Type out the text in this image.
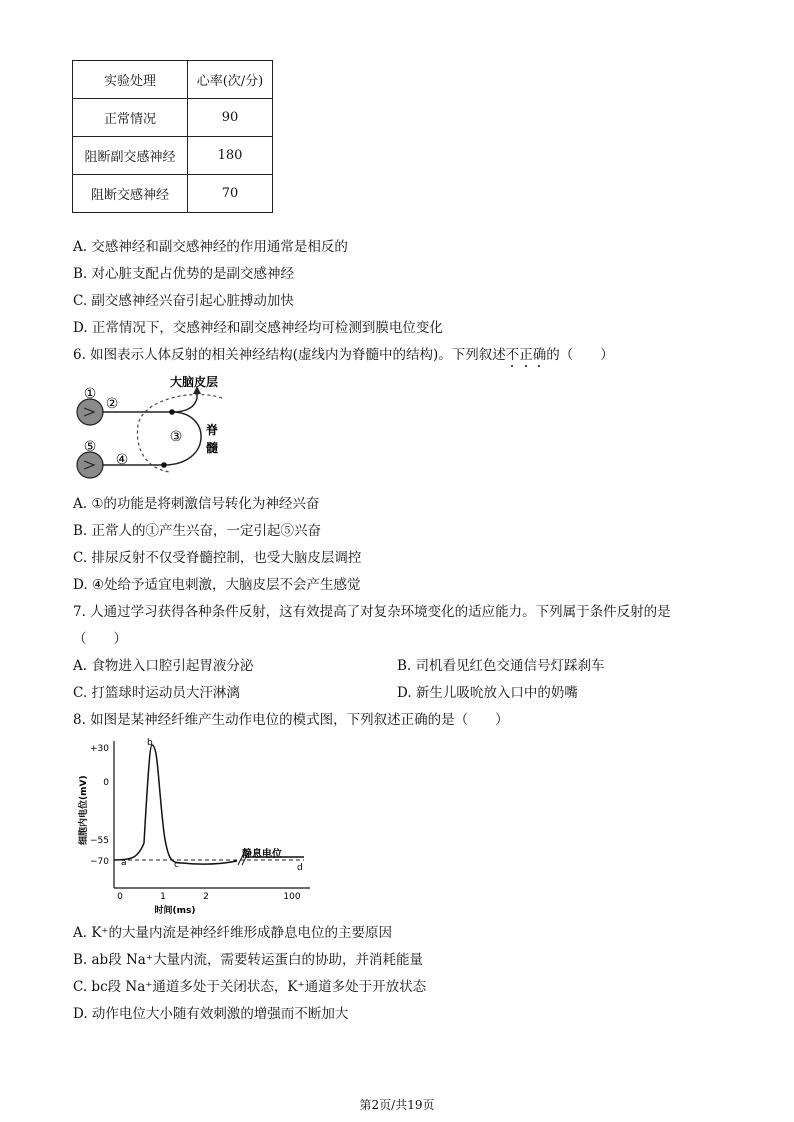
实验处理	心率(次/分)
正常情况	90
阻断副交感神经	180
阻断交感神经	70
A. 交感神经和副交感神经的作用通常是相反的
B. 对心脏支配占优势的是副交感神经
C. 副交感神经兴奋引起心脏搏动加快
D. 正常情况下，交感神经和副交感神经均可检测到膜电位变化
6. 如图表示人体反射的相关神经结构(虚线内为脊髓中的结构)。下列叙述不正确的（　　）
①
②
③
④
⑤
大脑皮层
脊
髓
A. ①的功能是将刺激信号转化为神经兴奋
B. 正常人的①产生兴奋，一定引起⑤兴奋
C. 排尿反射不仅受脊髓控制，也受大脑皮层调控
D. ④处给予适宜电刺激，大脑皮层不会产生感觉
7. 人通过学习获得各种条件反射，这有效提高了对复杂环境变化的适应能力。下列属于条件反射的是
（　　）
A. 食物进入口腔引起胃液分泌	B. 司机看见红色交通信号灯踩刹车
C. 打篮球时运动员大汗淋漓	D. 新生儿吸吮放入口中的奶嘴
8. 如图是某神经纤维产生动作电位的模式图，下列叙述正确的是（　　）
细胞内电位(mV)
时间(ms)
+30
0
−55
−70
0	1	2	100
a
b
c	d
静息电位
A. K⁺的大量内流是神经纤维形成静息电位的主要原因
B. ab段 Na⁺大量内流，需要转运蛋白的协助，并消耗能量
C. bc段 Na⁺通道多处于关闭状态，K⁺通道多处于开放状态
D. 动作电位大小随有效刺激的增强而不断加大
第2页/共19页
